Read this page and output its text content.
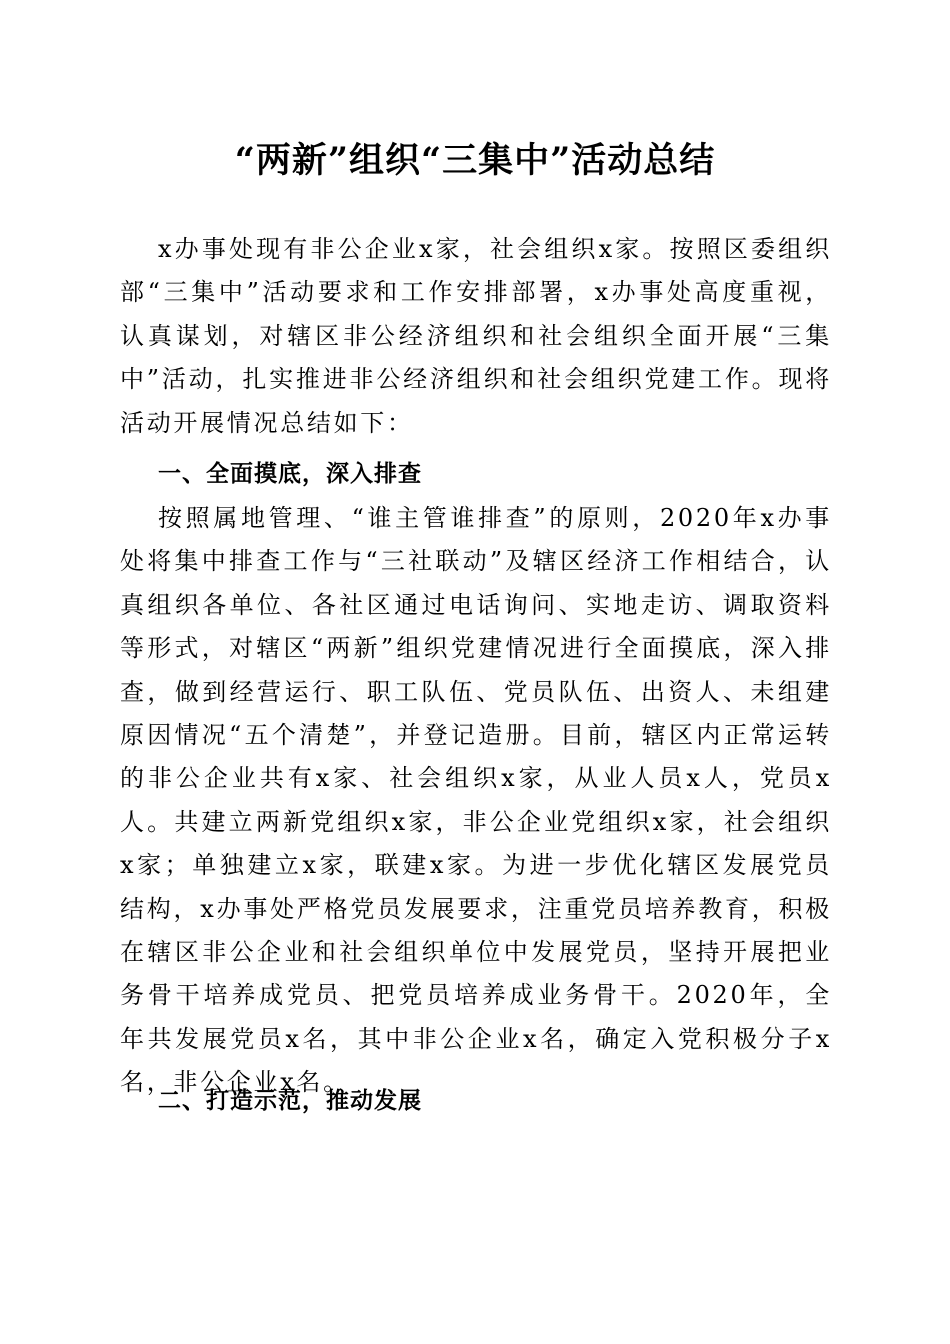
“两新”组织“三集中”活动总结

x办事处现有非公企业x家，社会组织x家。按照区委组织部“三集中”活动要求和工作安排部署，x办事处高度重视，认真谋划，对辖区非公经济组织和社会组织全面开展“三集中”活动，扎实推进非公经济组织和社会组织党建工作。现将活动开展情况总结如下：

一、全面摸底，深入排查

按照属地管理、“谁主管谁排查”的原则，2020年x办事处将集中排查工作与“三社联动”及辖区经济工作相结合，认真组织各单位、各社区通过电话询问、实地走访、调取资料等形式，对辖区“两新”组织党建情况进行全面摸底，深入排查，做到经营运行、职工队伍、党员队伍、出资人、未组建原因情况“五个清楚”，并登记造册。目前，辖区内正常运转的非公企业共有x家、社会组织x家，从业人员x人，党员x人。共建立两新党组织x家，非公企业党组织x家，社会组织x家；单独建立x家，联建x家。为进一步优化辖区发展党员结构，x办事处严格党员发展要求，注重党员培养教育，积极在辖区非公企业和社会组织单位中发展党员，坚持开展把业务骨干培养成党员、把党员培养成业务骨干。2020年，全年共发展党员x名，其中非公企业x名，确定入党积极分子x名，非公企业x名。

二、打造示范，推动发展
